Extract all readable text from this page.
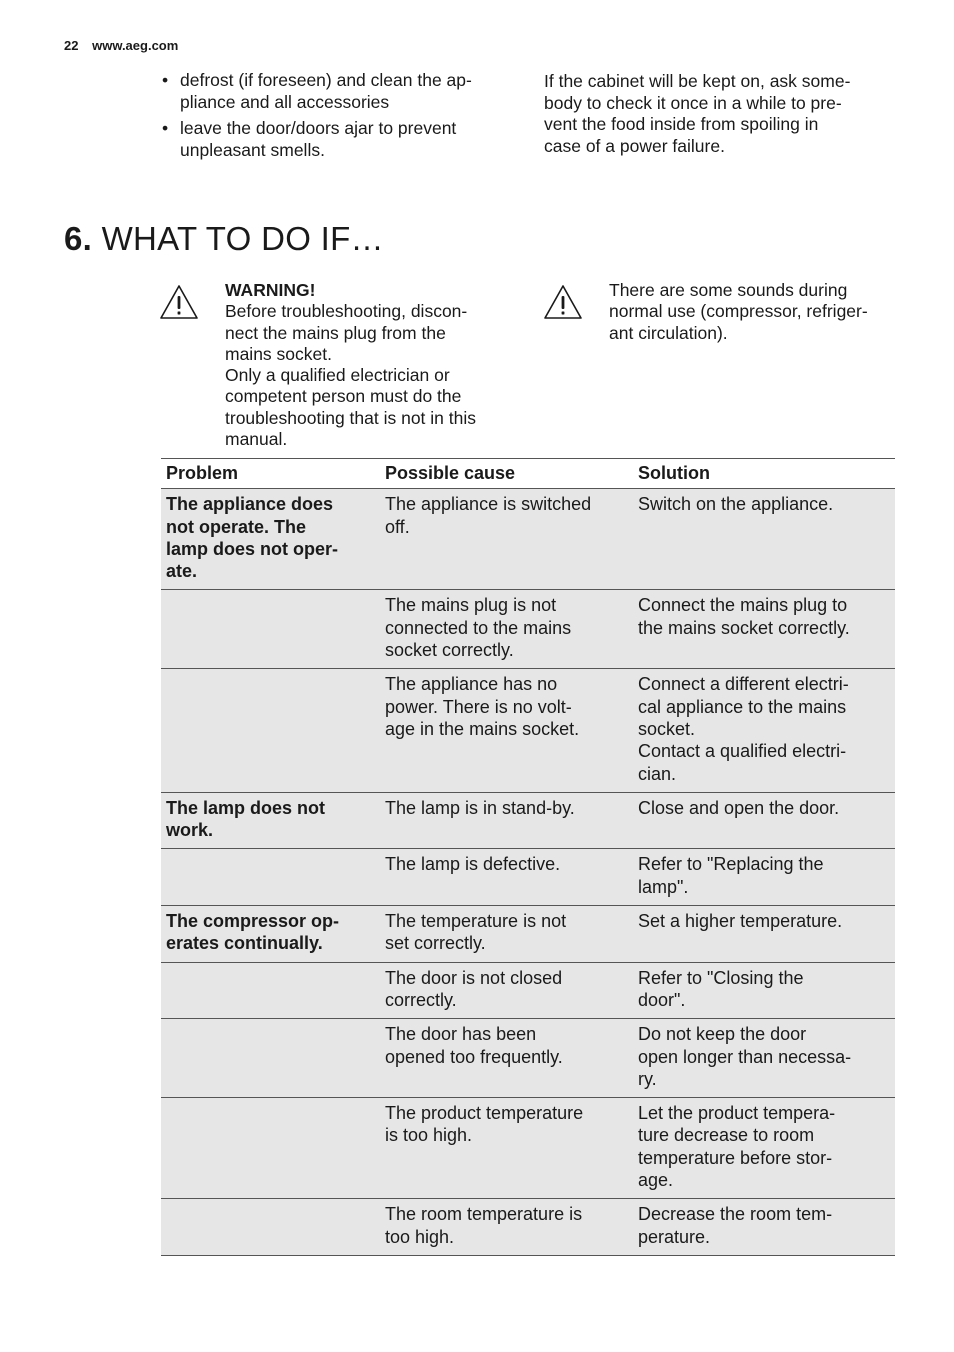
22 www.aeg.com
• defrost (if foreseen) and clean the ap-
pliance and all accessories
• leave the door/doors ajar to prevent
unpleasant smells.

If the cabinet will be kept on, ask some-
body to check it once in a while to pre-
vent the food inside from spoiling in
case of a power failure.

6. WHAT TO DO IF…
WARNING!
Before troubleshooting, discon-
nect the mains plug from the
mains socket.
Only a qualified electrician or
competent person must do the
troubleshooting that is not in this
manual.
There are some sounds during
normal use (compressor, refriger-
ant circulation).
Problem	Possible cause	Solution

The appliance does
not operate. The
lamp does not oper-
ate.	The appliance is switched
off.	Switch on the appliance.

	The mains plug is not
connected to the mains
socket correctly.	Connect the mains plug to
the mains socket correctly.

	The appliance has no
power. There is no volt-
age in the mains socket.	Connect a different electri-
cal appliance to the mains
socket.
Contact a qualified electri-
cian.

The lamp does not
work.	The lamp is in stand-by.	Close and open the door.

	The lamp is defective.	Refer to "Replacing the
lamp".

The compressor op-
erates continually.	The temperature is not
set correctly.	Set a higher temperature.

	The door is not closed
correctly.	Refer to "Closing the
door".

	The door has been
opened too frequently.	Do not keep the door
open longer than necessa-
ry.

	The product temperature
is too high.	Let the product tempera-
ture decrease to room
temperature before stor-
age.

	The room temperature is
too high.	Decrease the room tem-
perature.
